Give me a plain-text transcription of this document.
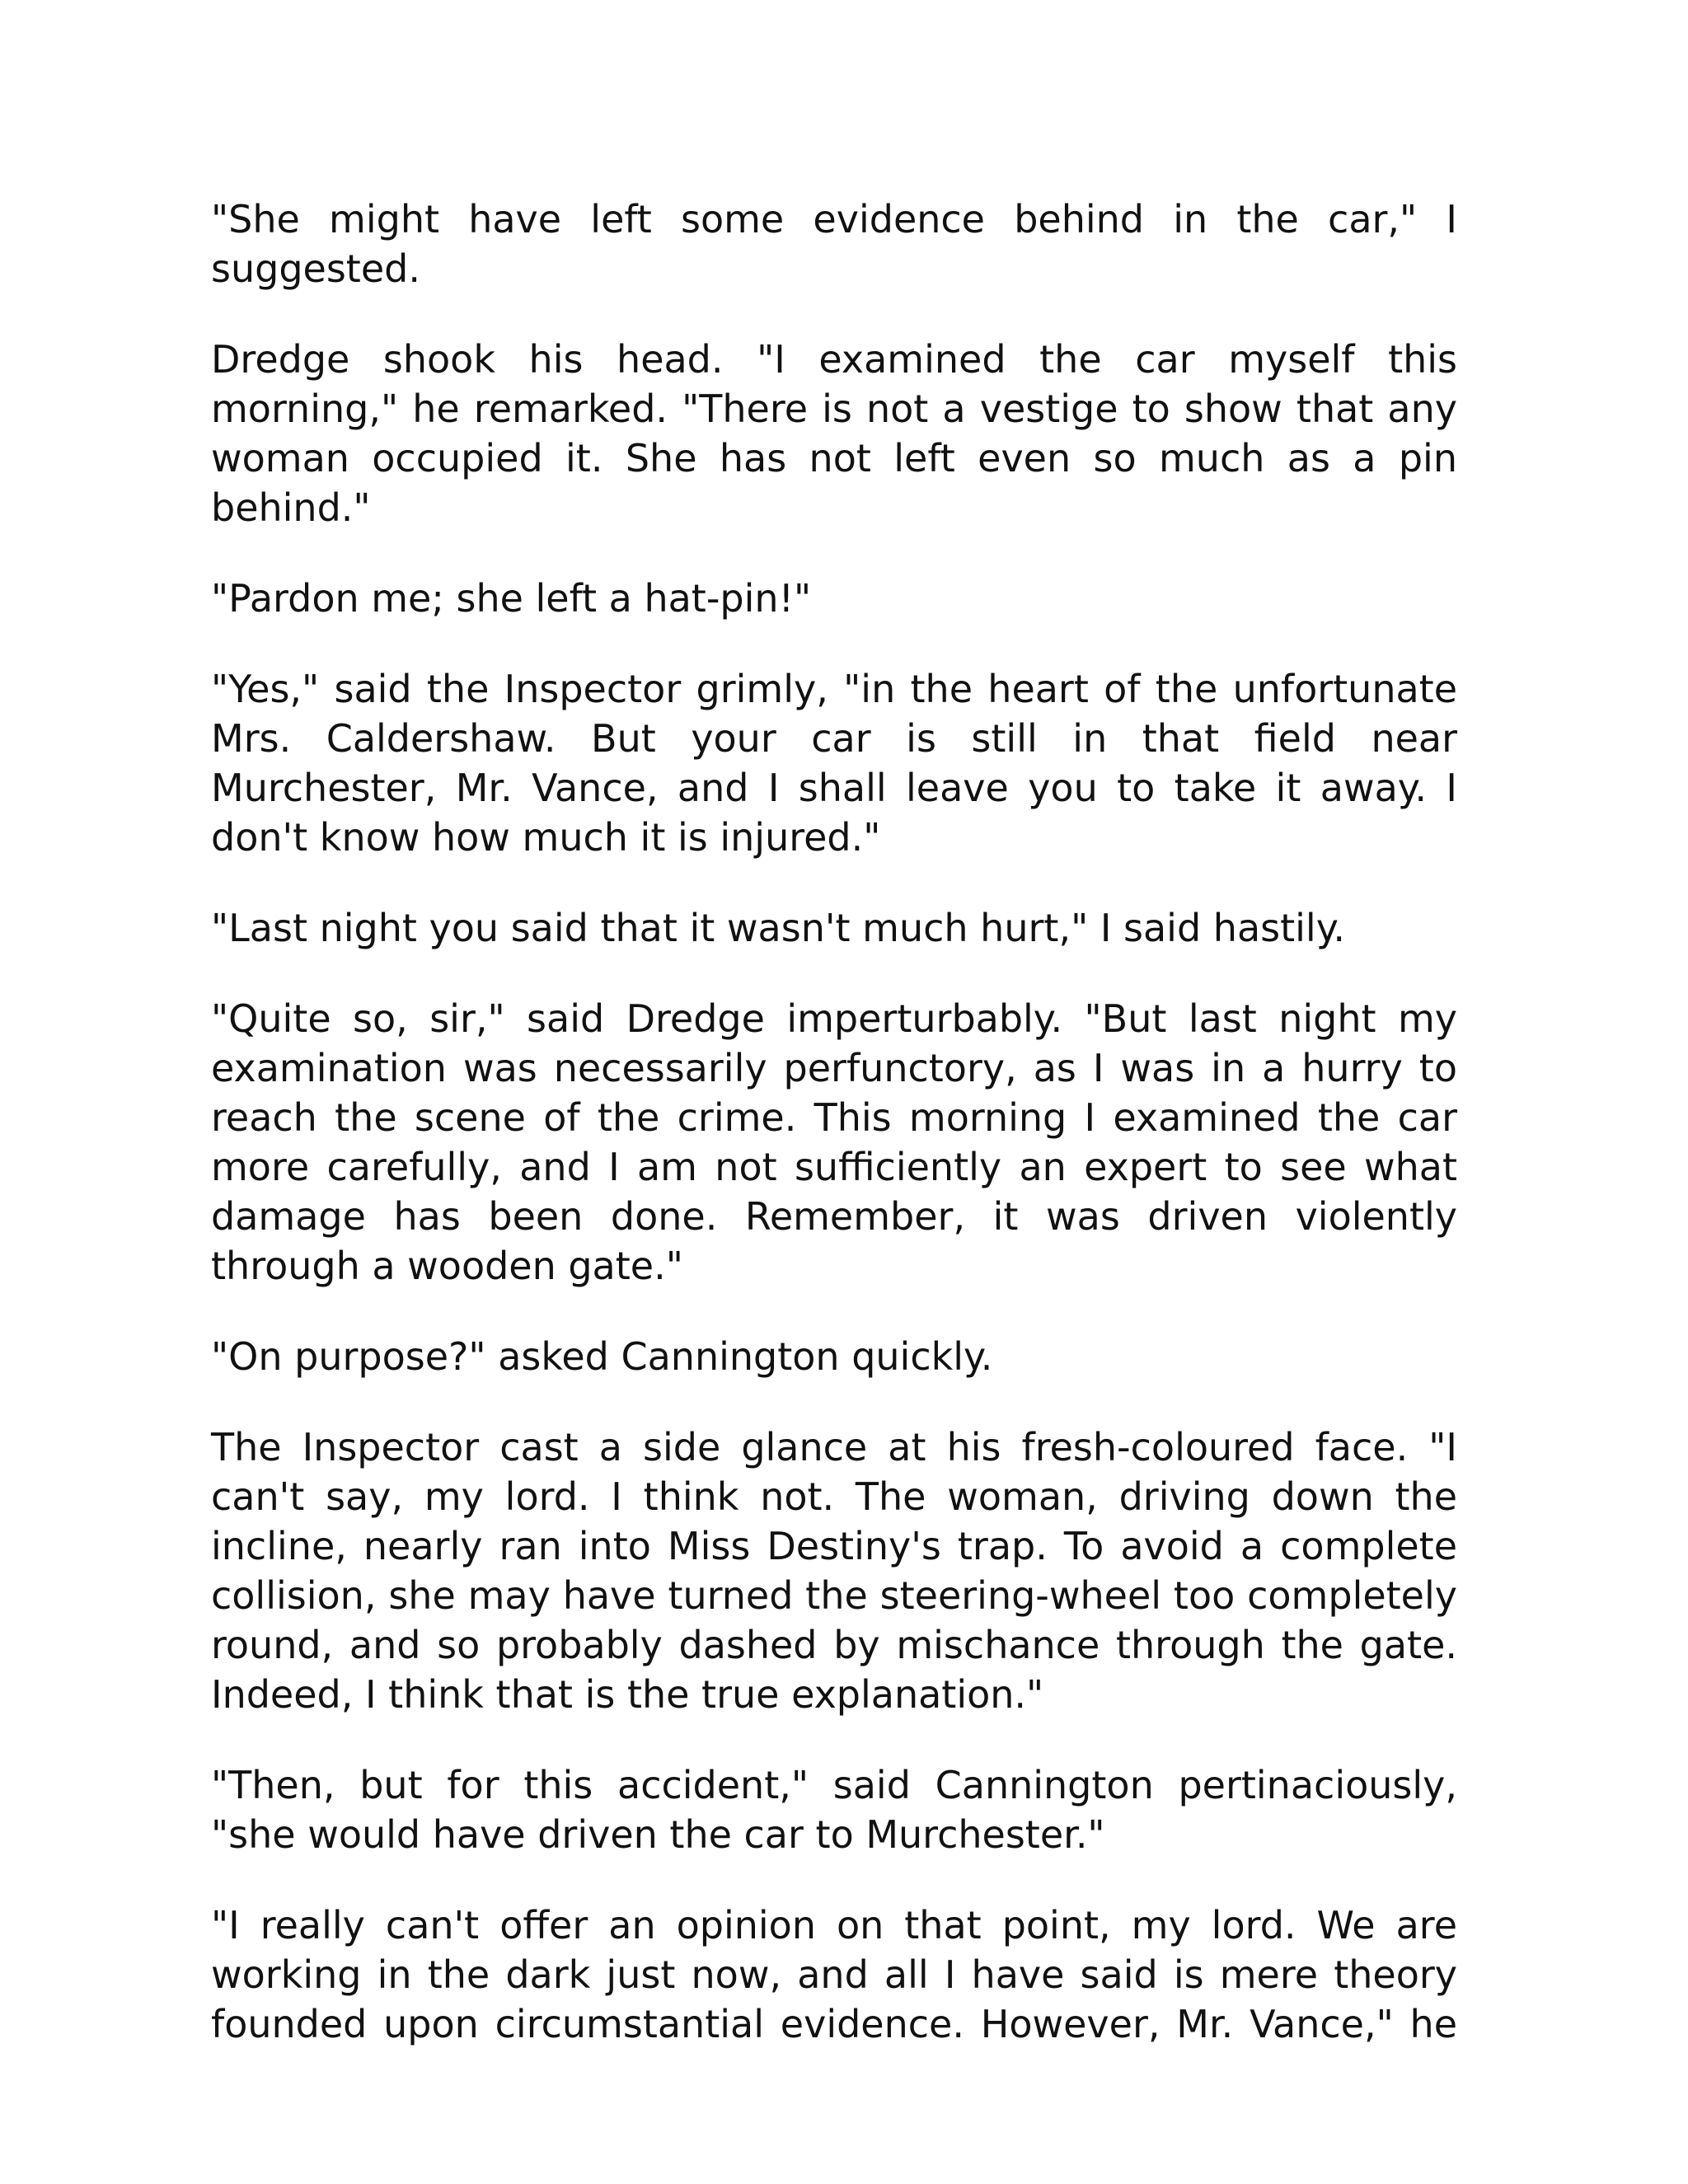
"She might have left some evidence behind in the car," I suggested.

Dredge shook his head. "I examined the car myself this morning," he remarked. "There is not a vestige to show that any woman occupied it. She has not left even so much as a pin behind."

"Pardon me; she left a hat-pin!"

"Yes," said the Inspector grimly, "in the heart of the unfortunate Mrs. Caldershaw. But your car is still in that field near Murchester, Mr. Vance, and I shall leave you to take it away. I don't know how much it is injured."

"Last night you said that it wasn't much hurt," I said hastily.

"Quite so, sir," said Dredge imperturbably. "But last night my examination was necessarily perfunctory, as I was in a hurry to reach the scene of the crime. This morning I examined the car more carefully, and I am not sufficiently an expert to see what damage has been done. Remember, it was driven violently through a wooden gate."

"On purpose?" asked Cannington quickly.

The Inspector cast a side glance at his fresh-coloured face. "I can't say, my lord. I think not. The woman, driving down the incline, nearly ran into Miss Destiny's trap. To avoid a complete collision, she may have turned the steering-wheel too completely round, and so probably dashed by mischance through the gate. Indeed, I think that is the true explanation."

"Then, but for this accident," said Cannington pertinaciously, "she would have driven the car to Murchester."

"I really can't offer an opinion on that point, my lord. We are working in the dark just now, and all I have said is mere theory founded upon circumstantial evidence. However, Mr. Vance," he
